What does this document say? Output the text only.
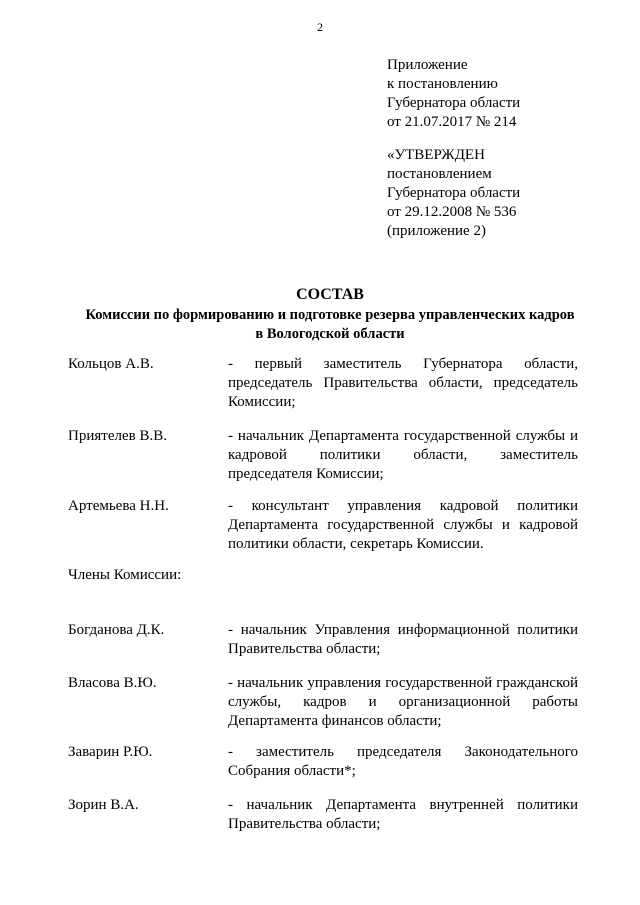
2
Приложение
к постановлению
Губернатора области
от 21.07.2017 № 214
«УТВЕРЖДЕН
постановлением
Губернатора области
от 29.12.2008 № 536
(приложение 2)
СОСТАВ
Комиссии по формированию и подготовке резерва управленческих кадров
в Вологодской области
Кольцов А.В.	- первый заместитель Губернатора области, председатель Правительства области, председатель Комиссии;
Приятелев В.В.	- начальник Департамента государственной службы и кадровой политики области, заместитель председателя Комиссии;
Артемьева Н.Н.	- консультант управления кадровой политики Департамента государственной службы и кадровой политики области, секретарь Комиссии.
Члены Комиссии:
Богданова Д.К.	- начальник Управления информационной политики Правительства области;
Власова В.Ю.	- начальник управления государственной гражданской службы, кадров и организационной работы Департамента финансов области;
Заварин Р.Ю.	- заместитель председателя Законодательного Собрания области*;
Зорин В.А.	- начальник Департамента внутренней политики Правительства области;
